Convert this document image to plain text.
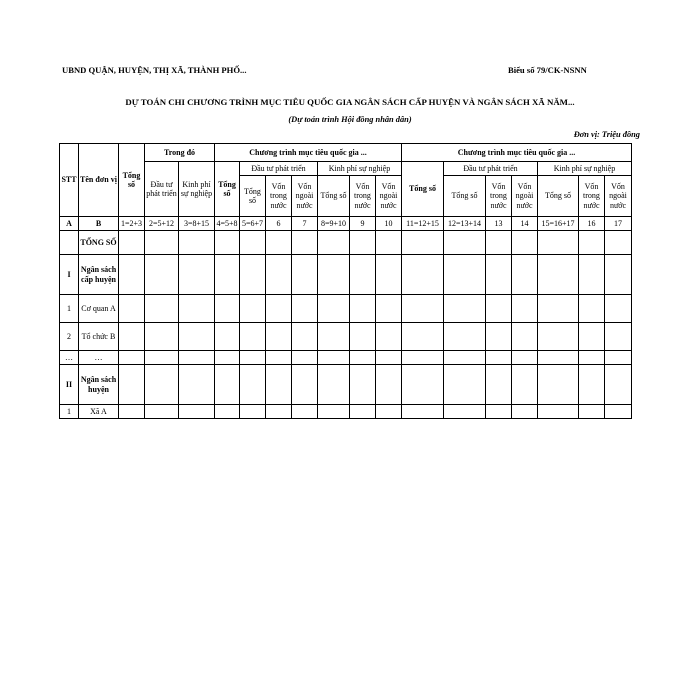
UBND QUẬN, HUYỆN, THỊ XÃ, THÀNH PHỐ...	Biểu số 79/CK-NSNN
DỰ TOÁN CHI CHƯƠNG TRÌNH MỤC TIÊU QUỐC GIA NGÂN SÁCH CẤP HUYỆN VÀ NGÂN SÁCH XÃ NĂM...
(Dự toán trình Hội đồng nhân dân)
Đơn vị: Triệu đồng
STT	Tên đơn vị	Tổng số	Trong đó		Chương trình mục tiêu quốc gia ...							Chương trình mục tiêu quốc gia ...						
			Đầu tư phát triển	Kinh phí sự nghiệp	Tổng số	Đầu tư phát triển			Kinh phí sự nghiệp			Tổng số	Đầu tư phát triển			Kinh phí sự nghiệp		
						Tổng số	Vốn trong nước	Vốn ngoài nước	Tổng số	Vốn trong nước	Vốn ngoài nước		Tổng số	Vốn trong nước	Vốn ngoài nước	Tổng số	Vốn trong nước	Vốn ngoài nước
A	B	1=2+3	2=5+12	3=8+15	4=5+8	5=6+7	6	7	8=9+10	9	10	11=12+15	12=13+14	13	14	15=16+17	16	17
	TỔNG SỐ																	
I	Ngân sách cấp huyện																	
1	Cơ quan A																	
2	Tổ chức B																	
…	…																	
II	Ngân sách huyện																	
1	Xã A																	
